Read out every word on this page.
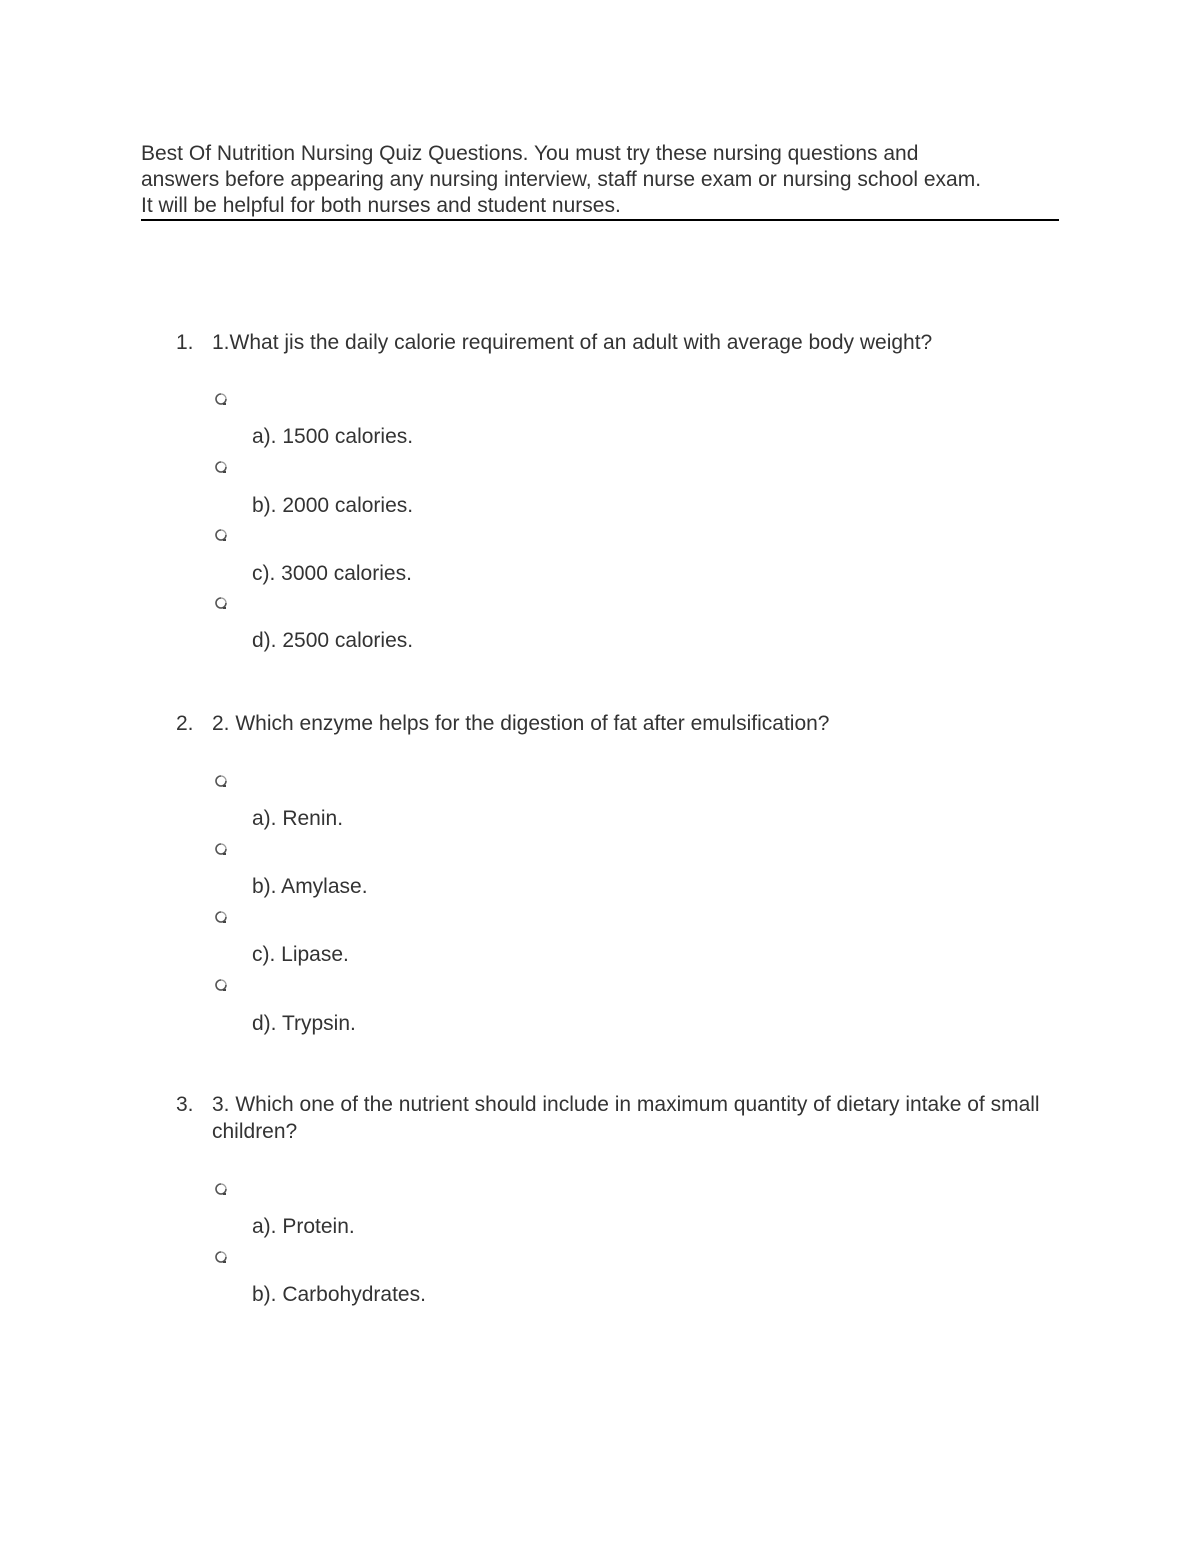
Best Of Nutrition Nursing Quiz Questions. You must try these nursing questions and
answers before appearing any nursing interview, staff nurse exam or nursing school exam.
It will be helpful for both nurses and student nurses.
1. 1.What jis the daily calorie requirement of an adult with average body weight?
a). 1500 calories.
b). 2000 calories.
c). 3000 calories.
d). 2500 calories.
2. 2. Which enzyme helps for the digestion of fat after emulsification?
a). Renin.
b). Amylase.
c). Lipase.
d). Trypsin.
3. 3. Which one of the nutrient should include in maximum quantity of dietary intake of small children?
a). Protein.
b). Carbohydrates.
